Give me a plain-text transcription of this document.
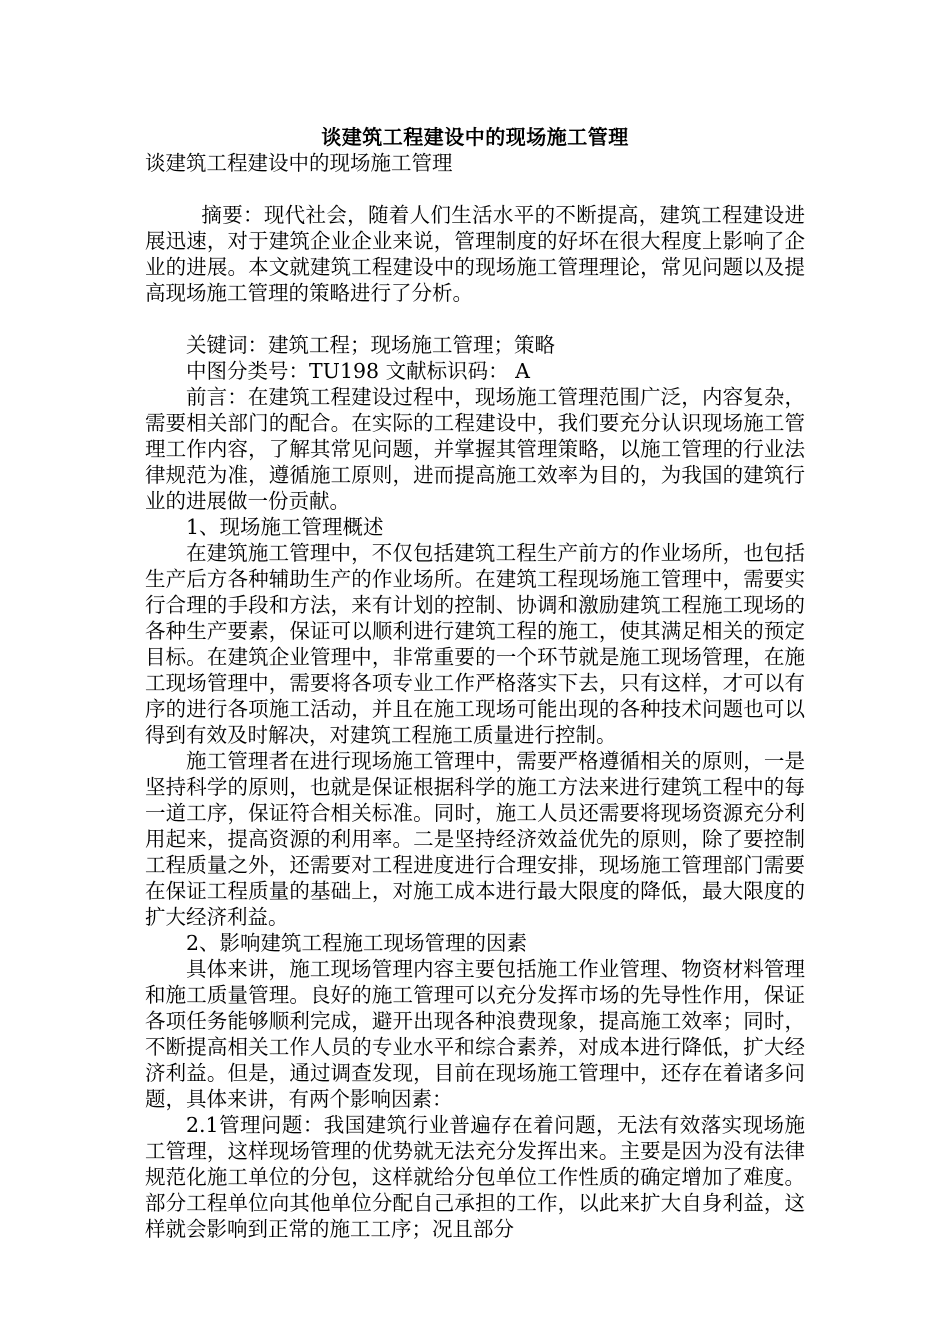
谈建筑工程建设中的现场施工管理

谈建筑工程建设中的现场施工管理

摘要：现代社会，随着人们生活水平的不断提高，建筑工程建设进展迅速，对于建筑企业企业来说，管理制度的好坏在很大程度上影响了企业的进展。本文就建筑工程建设中的现场施工管理理论，常见问题以及提高现场施工管理的策略进行了分析。

关键词：建筑工程；现场施工管理；策略

中图分类号：TU198 文献标识码： A

前言：在建筑工程建设过程中，现场施工管理范围广泛，内容复杂，需要相关部门的配合。在实际的工程建设中，我们要充分认识现场施工管理工作内容，了解其常见问题，并掌握其管理策略，以施工管理的行业法律规范为准，遵循施工原则，进而提高施工效率为目的，为我国的建筑行业的进展做一份贡献。

1、现场施工管理概述

在建筑施工管理中，不仅包括建筑工程生产前方的作业场所，也包括生产后方各种辅助生产的作业场所。在建筑工程现场施工管理中，需要实行合理的手段和方法，来有计划的控制、协调和激励建筑工程施工现场的各种生产要素，保证可以顺利进行建筑工程的施工，使其满足相关的预定目标。在建筑企业管理中，非常重要的一个环节就是施工现场管理，在施工现场管理中，需要将各项专业工作严格落实下去，只有这样，才可以有序的进行各项施工活动，并且在施工现场可能出现的各种技术问题也可以得到有效及时解决，对建筑工程施工质量进行控制。

施工管理者在进行现场施工管理中，需要严格遵循相关的原则，一是坚持科学的原则，也就是保证根据科学的施工方法来进行建筑工程中的每一道工序，保证符合相关标准。同时，施工人员还需要将现场资源充分利用起来，提高资源的利用率。二是坚持经济效益优先的原则，除了要控制工程质量之外，还需要对工程进度进行合理安排，现场施工管理部门需要在保证工程质量的基础上，对施工成本进行最大限度的降低，最大限度的扩大经济利益。

2、影响建筑工程施工现场管理的因素

具体来讲，施工现场管理内容主要包括施工作业管理、物资材料管理和施工质量管理。良好的施工管理可以充分发挥市场的先导性作用，保证各项任务能够顺利完成，避开出现各种浪费现象，提高施工效率；同时，不断提高相关工作人员的专业水平和综合素养，对成本进行降低，扩大经济利益。但是，通过调查发现，目前在现场施工管理中，还存在着诸多问题，具体来讲，有两个影响因素：

2.1管理问题：我国建筑行业普遍存在着问题，无法有效落实现场施工管理，这样现场管理的优势就无法充分发挥出来。主要是因为没有法律规范化施工单位的分包，这样就给分包单位工作性质的确定增加了难度。部分工程单位向其他单位分配自己承担的工作，以此来扩大自身利益，这样就会影响到正常的施工工序；况且部分
